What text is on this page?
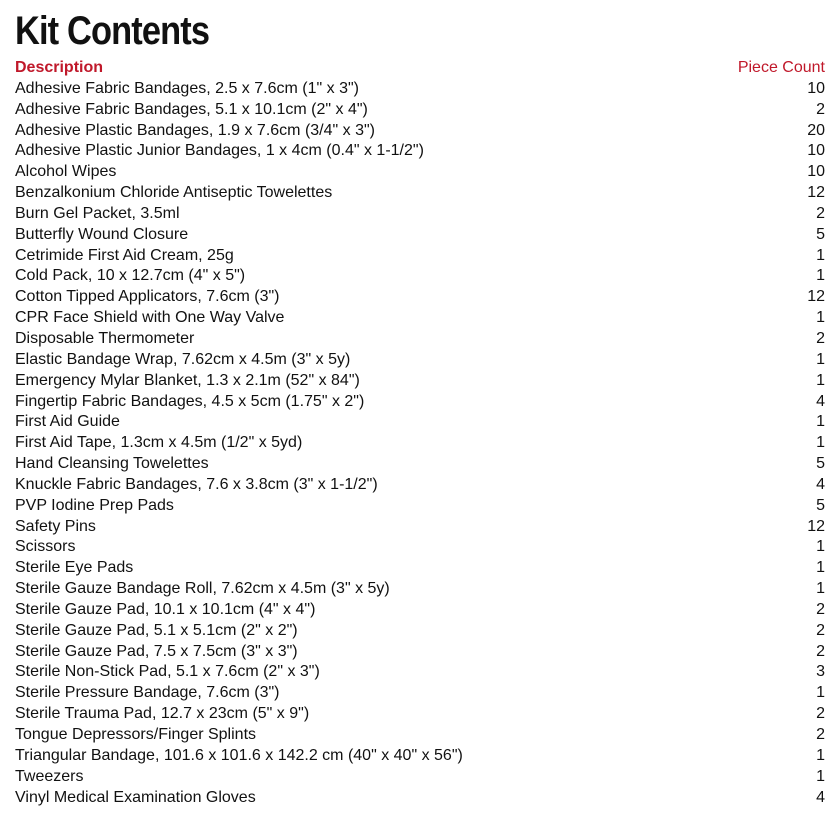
Kit Contents
Description	Piece Count
Adhesive Fabric Bandages, 2.5 x 7.6cm (1" x 3")	10
Adhesive Fabric Bandages, 5.1 x 10.1cm (2" x 4")	2
Adhesive Plastic Bandages, 1.9 x 7.6cm (3/4" x 3")	20
Adhesive Plastic Junior Bandages, 1 x 4cm (0.4" x 1-1/2")	10
Alcohol Wipes	10
Benzalkonium Chloride Antiseptic Towelettes	12
Burn Gel Packet, 3.5ml	2
Butterfly Wound Closure	5
Cetrimide First Aid Cream, 25g	1
Cold Pack, 10 x 12.7cm (4" x 5")	1
Cotton Tipped Applicators, 7.6cm (3")	12
CPR Face Shield with One Way Valve	1
Disposable Thermometer	2
Elastic Bandage Wrap, 7.62cm x 4.5m (3" x 5y)	1
Emergency Mylar Blanket, 1.3 x 2.1m (52" x 84")	1
Fingertip Fabric Bandages, 4.5 x 5cm (1.75" x 2")	4
First Aid Guide	1
First Aid Tape, 1.3cm x 4.5m (1/2" x 5yd)	1
Hand Cleansing Towelettes	5
Knuckle Fabric Bandages, 7.6 x 3.8cm (3" x 1-1/2")	4
PVP Iodine Prep Pads	5
Safety Pins	12
Scissors	1
Sterile Eye Pads	1
Sterile Gauze Bandage Roll, 7.62cm x 4.5m (3" x 5y)	1
Sterile Gauze Pad, 10.1 x 10.1cm (4" x 4")	2
Sterile Gauze Pad, 5.1 x 5.1cm (2" x 2")	2
Sterile Gauze Pad, 7.5 x 7.5cm (3" x 3")	2
Sterile Non-Stick Pad, 5.1 x 7.6cm (2" x 3")	3
Sterile Pressure Bandage, 7.6cm (3")	1
Sterile Trauma Pad, 12.7 x 23cm (5" x 9")	2
Tongue Depressors/Finger Splints	2
Triangular Bandage, 101.6 x 101.6 x 142.2 cm (40" x 40" x 56")	1
Tweezers	1
Vinyl Medical Examination Gloves	4
